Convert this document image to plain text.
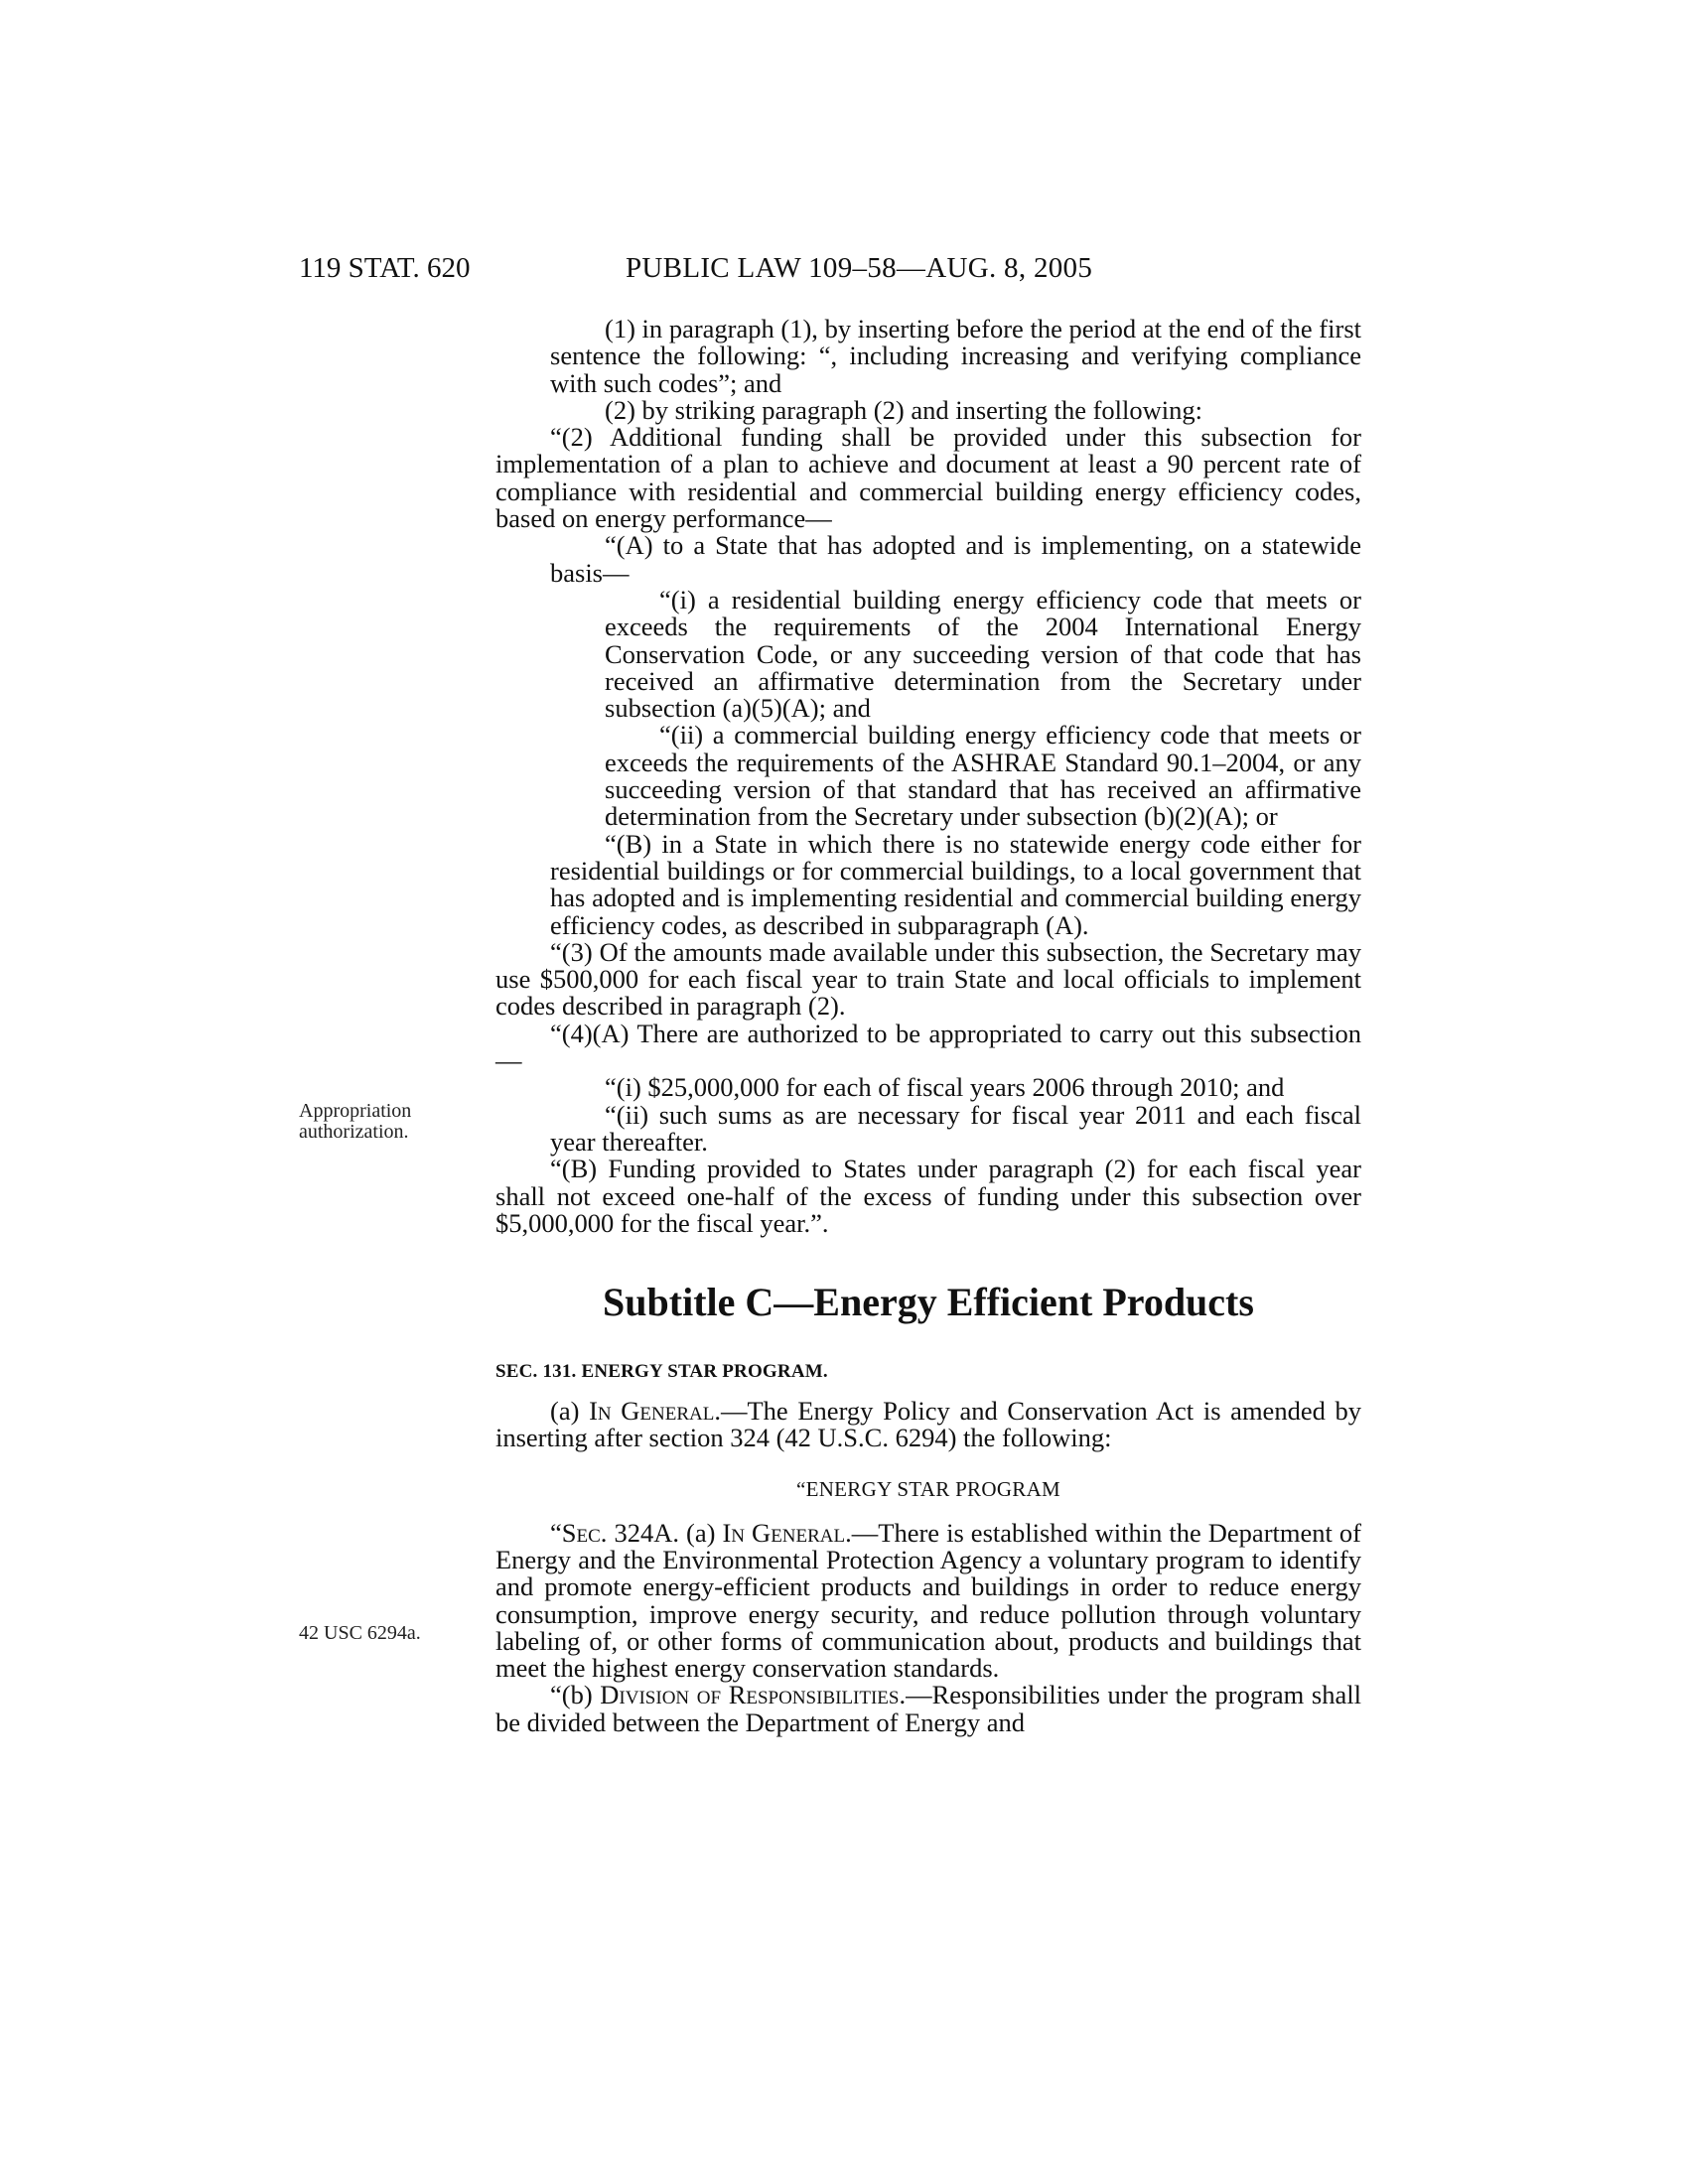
119 STAT. 620	PUBLIC LAW 109–58—AUG. 8, 2005
Appropriation authorization.
42 USC 6294a.

(1) in paragraph (1), by inserting before the period at the end of the first sentence the following: “, including increasing and verifying compliance with such codes”; and

(2) by striking paragraph (2) and inserting the following:

“(2) Additional funding shall be provided under this subsection for implementation of a plan to achieve and document at least a 90 percent rate of compliance with residential and commercial building energy efficiency codes, based on energy performance—

“(A) to a State that has adopted and is implementing, on a statewide basis—

“(i) a residential building energy efficiency code that meets or exceeds the requirements of the 2004 International Energy Conservation Code, or any succeeding version of that code that has received an affirmative determination from the Secretary under subsection (a)(5)(A); and

“(ii) a commercial building energy efficiency code that meets or exceeds the requirements of the ASHRAE Standard 90.1–2004, or any succeeding version of that standard that has received an affirmative determination from the Secretary under subsection (b)(2)(A); or

“(B) in a State in which there is no statewide energy code either for residential buildings or for commercial buildings, to a local government that has adopted and is implementing residential and commercial building energy efficiency codes, as described in subparagraph (A).

“(3) Of the amounts made available under this subsection, the Secretary may use $500,000 for each fiscal year to train State and local officials to implement codes described in paragraph (2).

“(4)(A) There are authorized to be appropriated to carry out this subsection—

“(i) $25,000,000 for each of fiscal years 2006 through 2010; and

“(ii) such sums as are necessary for fiscal year 2011 and each fiscal year thereafter.

“(B) Funding provided to States under paragraph (2) for each fiscal year shall not exceed one-half of the excess of funding under this subsection over $5,000,000 for the fiscal year.”.

Subtitle C—Energy Efficient Products
SEC. 131. ENERGY STAR PROGRAM.

(a) In General.—The Energy Policy and Conservation Act is amended by inserting after section 324 (42 U.S.C. 6294) the following:

“ENERGY STAR PROGRAM

“Sec. 324A. (a) In General.—There is established within the Department of Energy and the Environmental Protection Agency a voluntary program to identify and promote energy-efficient products and buildings in order to reduce energy consumption, improve energy security, and reduce pollution through voluntary labeling of, or other forms of communication about, products and buildings that meet the highest energy conservation standards.

“(b) Division of Responsibilities.—Responsibilities under the program shall be divided between the Department of Energy and
